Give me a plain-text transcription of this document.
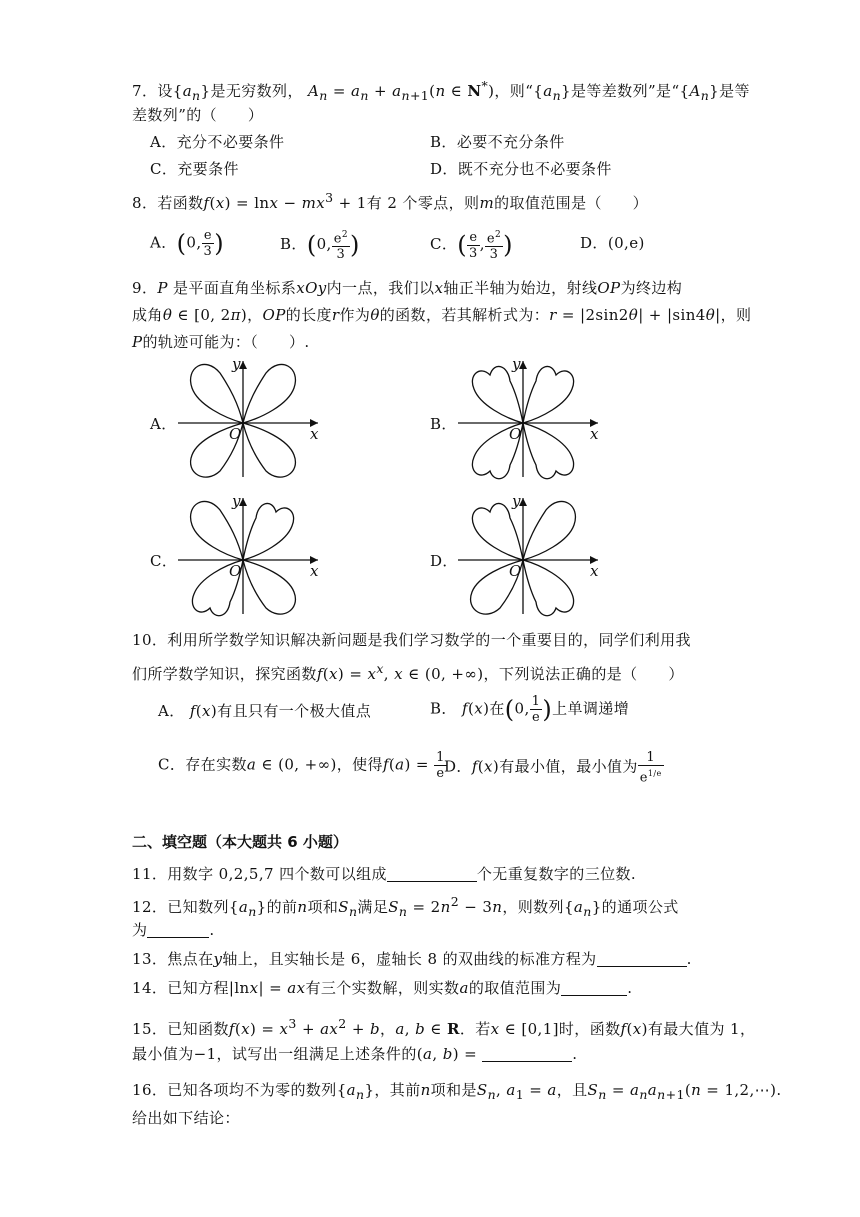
7．设$\{a_n\}$是无穷数列， $A_n = a_n + a_{n+1}(n$ ∈ N*)，则“$\{a_n\}$是等差数列”是“$\{A_n\}$是等
差数列”的（　　）
A．充分不必要条件	B．必要不充分条件
C．充要条件	D．既不充分也不必要条件
8．若函数$f(x) = \ln x - mx^3 + 1$有 2 个零点，则m的取值范围是（　　）
A．(0, $\frac{e}{3}$ )	B．(0, $\frac{e^2}{3}$ )	C．( $\frac{e}{3}$ , $\frac{e^2}{3}$ )	D．(0,e)
9．P 是平面直角坐标系xOy内一点，我们以x轴正半轴为始边，射线OP为终边构
成角θ ∈ [0, 2π)，OP的长度r作为θ的函数，若其解析式为：r = |2sin2θ| + |sin4θ|，则
P的轨迹可能为：（　　）.
A．	B．
C．	D．
x
y
O	x
y
O
x
y
O	x
y
O
10．利用所学数学知识解决新问题是我们学习数学的一个重要目的，同学们利用我
们所学数学知识，探究函数$f(x) = x^x$, x ∈ (0, +∞)，下列说法正确的是（　　）
A． f(x)有且只有一个极大值点	B． f(x)在(0, $\frac{1}{e}$ )上单调递增
C．存在实数a ∈ (0, +∞)，使得$f(a) = \frac{1}{e}$
D．f(x)有最小值，最小值为 $\frac{1}{e^{1/e}}$
二、填空题（本大题共 6 小题）
11．用数字 0,2,5,7 四个数可以组成	个无重复数字的三位数.
12．已知数列$\{a_n\}$的前n项和$S_n$满足$S_n = 2n^2 - 3n$，则数列$\{a_n\}$的通项公式
为	.
13．焦点在y轴上，且实轴长是 6，虚轴长 8 的双曲线的标准方程为	.
14．已知方程|lnx| = ax有三个实数解，则实数a的取值范围为	.
15．已知函数$f(x) = x^3 + ax^2 + b$，a, b ∈ R．若x ∈ [0,1]时，函数f(x)有最大值为 1，
最小值为−1，试写出一组满足上述条件的(a, b) =	.
16．已知各项均不为零的数列$\{a_n\}$，其前n项和是$S_n$, $a_1 = a$，且$S_n = a_na_{n+1}(n$ = 1,2,⋯).
给出如下结论：
